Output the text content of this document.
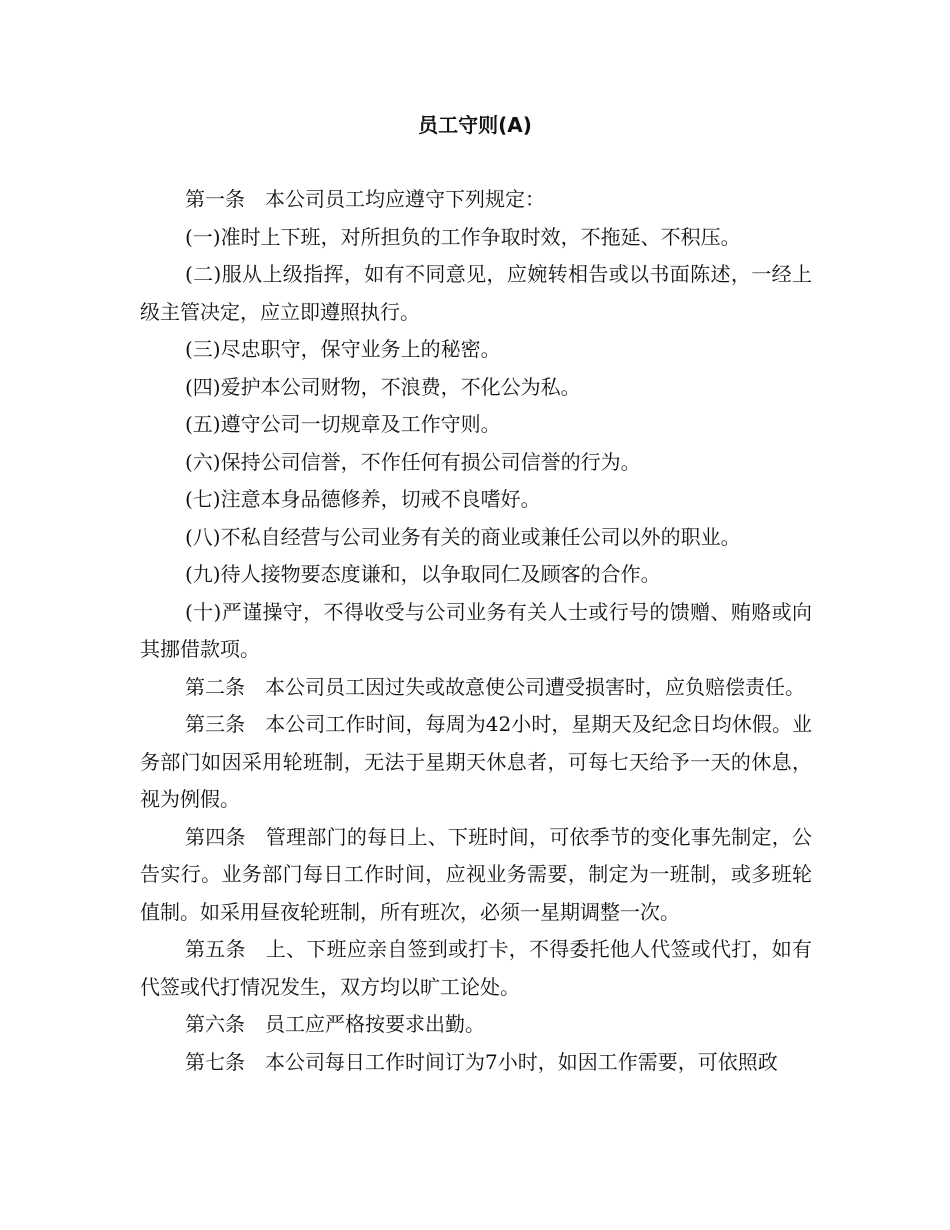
员工守则(A)

第一条　本公司员工均应遵守下列规定：

(一)准时上下班，对所担负的工作争取时效，不拖延、不积压。

(二)服从上级指挥，如有不同意见，应婉转相告或以书面陈述，一经上级主管决定，应立即遵照执行。

(三)尽忠职守，保守业务上的秘密。

(四)爱护本公司财物，不浪费，不化公为私。

(五)遵守公司一切规章及工作守则。

(六)保持公司信誉，不作任何有损公司信誉的行为。

(七)注意本身品德修养，切戒不良嗜好。

(八)不私自经营与公司业务有关的商业或兼任公司以外的职业。

(九)待人接物要态度谦和，以争取同仁及顾客的合作。

(十)严谨操守，不得收受与公司业务有关人士或行号的馈赠、贿赂或向其挪借款项。

第二条　本公司员工因过失或故意使公司遭受损害时，应负赔偿责任。

第三条　本公司工作时间，每周为42小时，星期天及纪念日均休假。业务部门如因采用轮班制，无法于星期天休息者，可每七天给予一天的休息，视为例假。

第四条　管理部门的每日上、下班时间，可依季节的变化事先制定，公告实行。业务部门每日工作时间，应视业务需要，制定为一班制，或多班轮值制。如采用昼夜轮班制，所有班次，必须一星期调整一次。

第五条　上、下班应亲自签到或打卡，不得委托他人代签或代打，如有代签或代打情况发生，双方均以旷工论处。

第六条　员工应严格按要求出勤。

第七条　本公司每日工作时间订为7小时，如因工作需要，可依照政
